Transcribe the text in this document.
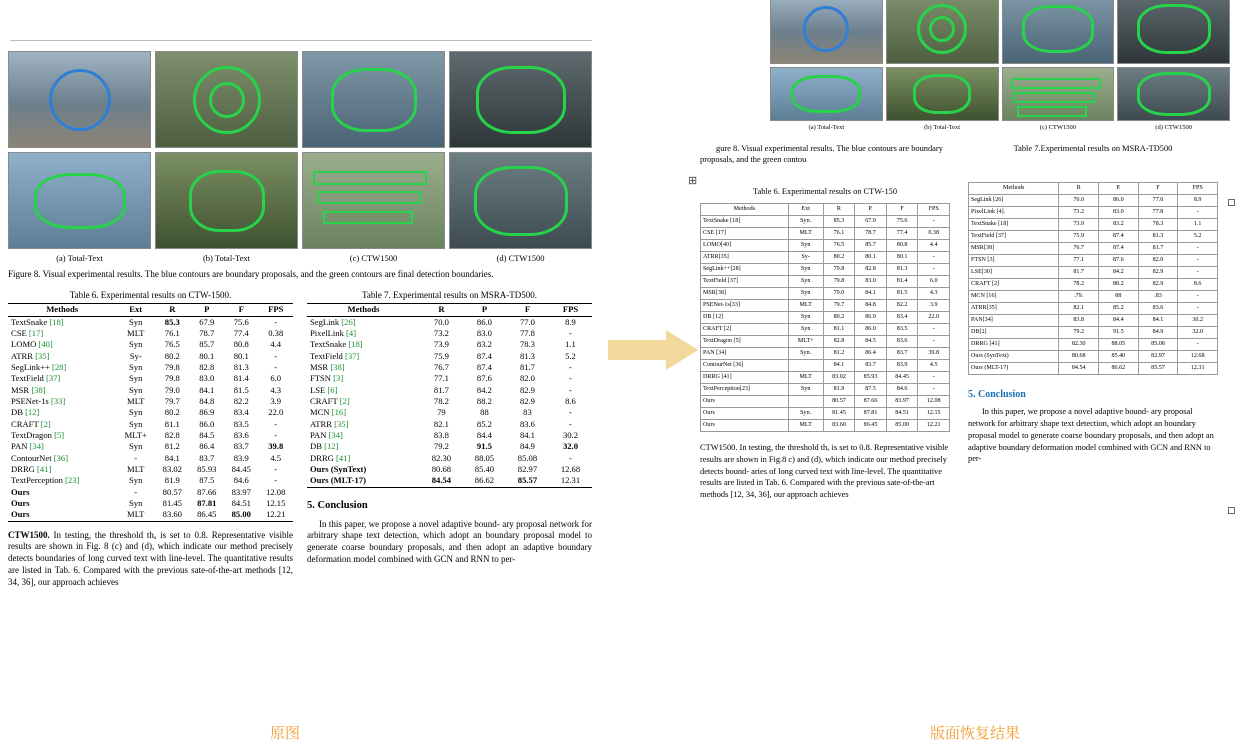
(a) Total-Text	(b) Total-Text	(c) CTW1500	(d) CTW1500
Figure 8. Visual experimental results. The blue contours are boundary proposals, and the green contours are final detection boundaries.
Table 6. Experimental results on CTW-1500.
Methods	Ext	R	P	F	FPS
TextSnake [18]	Syn	85.3	67.9	75.6	-
CSE [17]	MLT	76.1	78.7	77.4	0.38
LOMO [40]	Syn	76.5	85.7	80.8	4.4
ATRR [35]	Sy-	80.2	80.1	80.1	-
SegLink++ [28]	Syn	79.8	82.8	81.3	-
TextField [37]	Syn	79.8	83.0	81.4	6.0
MSR [38]	Syn	79.0	84.1	81.5	4.3
PSENet-1s [33]	MLT	79.7	84.8	82.2	3.9
DB [12]	Syn	80.2	86.9	83.4	22.0
CRAFT [2]	Syn	81.1	86.0	83.5	-
TextDragon [5]	MLT+	82.8	84.5	83.6	-
PAN [34]	Syn	81.2	86.4	83.7	39.8
ContourNet [36]	-	84.1	83.7	83.9	4.5
DRRG [41]	MLT	83.02	85.93	84.45	-
TextPerception [23]	Syn	81.9	87.5	84.6	-
Ours	-	80.57	87.66	83.97	12.08
Ours	Syn	81.45	87.81	84.51	12.15
Ours	MLT	83.60	86.45	85.00	12.21
CTW1500. In testing, the threshold thₐ is set to 0.8. Representative visible results are shown in Fig. 8 (c) and (d), which indicate our method precisely detects boundaries of long curved text with line-level. The quantitative results are listed in Tab. 6. Compared with the previous sate-of-the-art methods [12, 34, 36], our approach achieves
Table 7. Experimental results on MSRA-TD500.
Methods	R	P	F	FPS
SegLink [26]	70.0	86.0	77.0	8.9
PixelLink [4]	73.2	83.0	77.8	-
TextSnake [18]	73.9	83.2	78.3	1.1
TextField [37]	75.9	87.4	81.3	5.2
MSR [38]	76.7	87.4	81.7	-
FTSN [3]	77.1	87.6	82.0	-
LSE [6]	81.7	84.2	82.9	-
CRAFT [2]	78.2	88.2	82.9	8.6
MCN [16]	79	88	83	-
ATRR [35]	82.1	85.2	83.6	-
PAN [34]	83.8	84.4	84.1	30.2
DB [12]	79.2	91.5	84.9	32.0
DRRG [41]	82.30	88.05	85.08	-
Ours (SynText)	80.68	85.40	82.97	12.68
Ours (MLT-17)	84.54	86.62	85.57	12.31
5. Conclusion
In this paper, we propose a novel adaptive bound- ary proposal network for arbitrary shape text detection, which adopt an boundary proposal model to generate coarse boundary proposals, and then adopt an adaptive boundary deformation model combined with GCN and RNN to per-
(a) Total-Text	(b) Total-Text	(c) CTW1500	(d) CTW1500
gure 8. Visual experimental results. The blue contours are boundary proposals, and the green contou
⊞
Table 6. Experimental results on CTW-150
Methods	Ext	R	P.	F	FPS
TextSnake [18]	Syn.	85.3	67.9	75.6	-
CSE [17]	MLT	76.1	78.7	77.4	0.38
LOMO[40]	Syn	76.5	85.7	80.8	4.4
ATRR[35]	Sy-	80.2	80.1	80.1	-
SegLink++[28]	Syn	79.8	82.8	81.3	-
TextField [37]	Syn	79.8	83.0	81.4	6.0
MSR[38]	Syn	79.0	84.1	81.5	4.3
PSENet-1s[33]	MLT	79.7	84.8	82.2	3.9
DB [12]	Syn	80.2	86.9	83.4	22.0
CRAFT [2]	Syn	81.1	86.0	83.5	-
TextDragon [5]	MLT+	82.8	84.5	83.6	-
PAN [34]	Syn.	81.2	86.4	83.7	39.8
ContourNet [36]		84.1	83.7	83.9	4.5
DRRG [41]	MLT	83.02	85.93	84.45	-
TextPerception[23]	Syn	81.9	87.5	84.6	-
Ours		80.57	87.66	83.97	12.08
Ours	Syn.	81.45	87.81	84.51	12.15
Ours	MLT	83.60	86.45	85.00	12.21
CTW1500. In testing, the threshold thₐ is set to 0.8. Representative visible results are shown in Fig.8 c) and (d), which indicate our method precisely detects bound- aries of long curved text with line-level. The quantitative results are listed in Tab. 6. Compared with the previous sate-of-the-art methods [12, 34, 36], our approach achieves
Table 7.Experimental results on MSRA-TD500
Methods	R	P.	F	FPS
SegLink [26]	70.0	86.0	77.0	8.9
PixelLink [4].	73.2	83.0	77.8	-
TextSnake [18]	73.9	83.2	78.3	1.1
TextField [37]	75.9	87.4	81.3	5.2
MSR[38]	76.7	87.4	81.7	-
FTSN [3]	77.1	87.6	82.0	-
LSE[30]	81.7	84.2	82.9	-
CRAFT [2]	78.2	88.2	82.9	8.6
MCN [16]	.79.	88	.83	-
ATRR[35]	82.1	85.2	83.6	-
PAN[34]	83.8	84.4	84.1	30.2
DB[2]	79.2	91.5	84.9	32.0
DRRG [41]	82.30	88.05	85.08	-
Ours (SynText)	80.68	85.40	82.97	12.68
Ours (MLT-17)	84.54	86.62	85.57	12.31
5. Conclusion
In this paper, we propose a novel adaptive bound- ary proposal network for arbitrary shape text detection, which adopt an boundary proposal model to generate coarse boundary proposals, and then adopt an adaptive boundary deformation model combined with GCN and RNN to per-
原图	版面恢复结果
